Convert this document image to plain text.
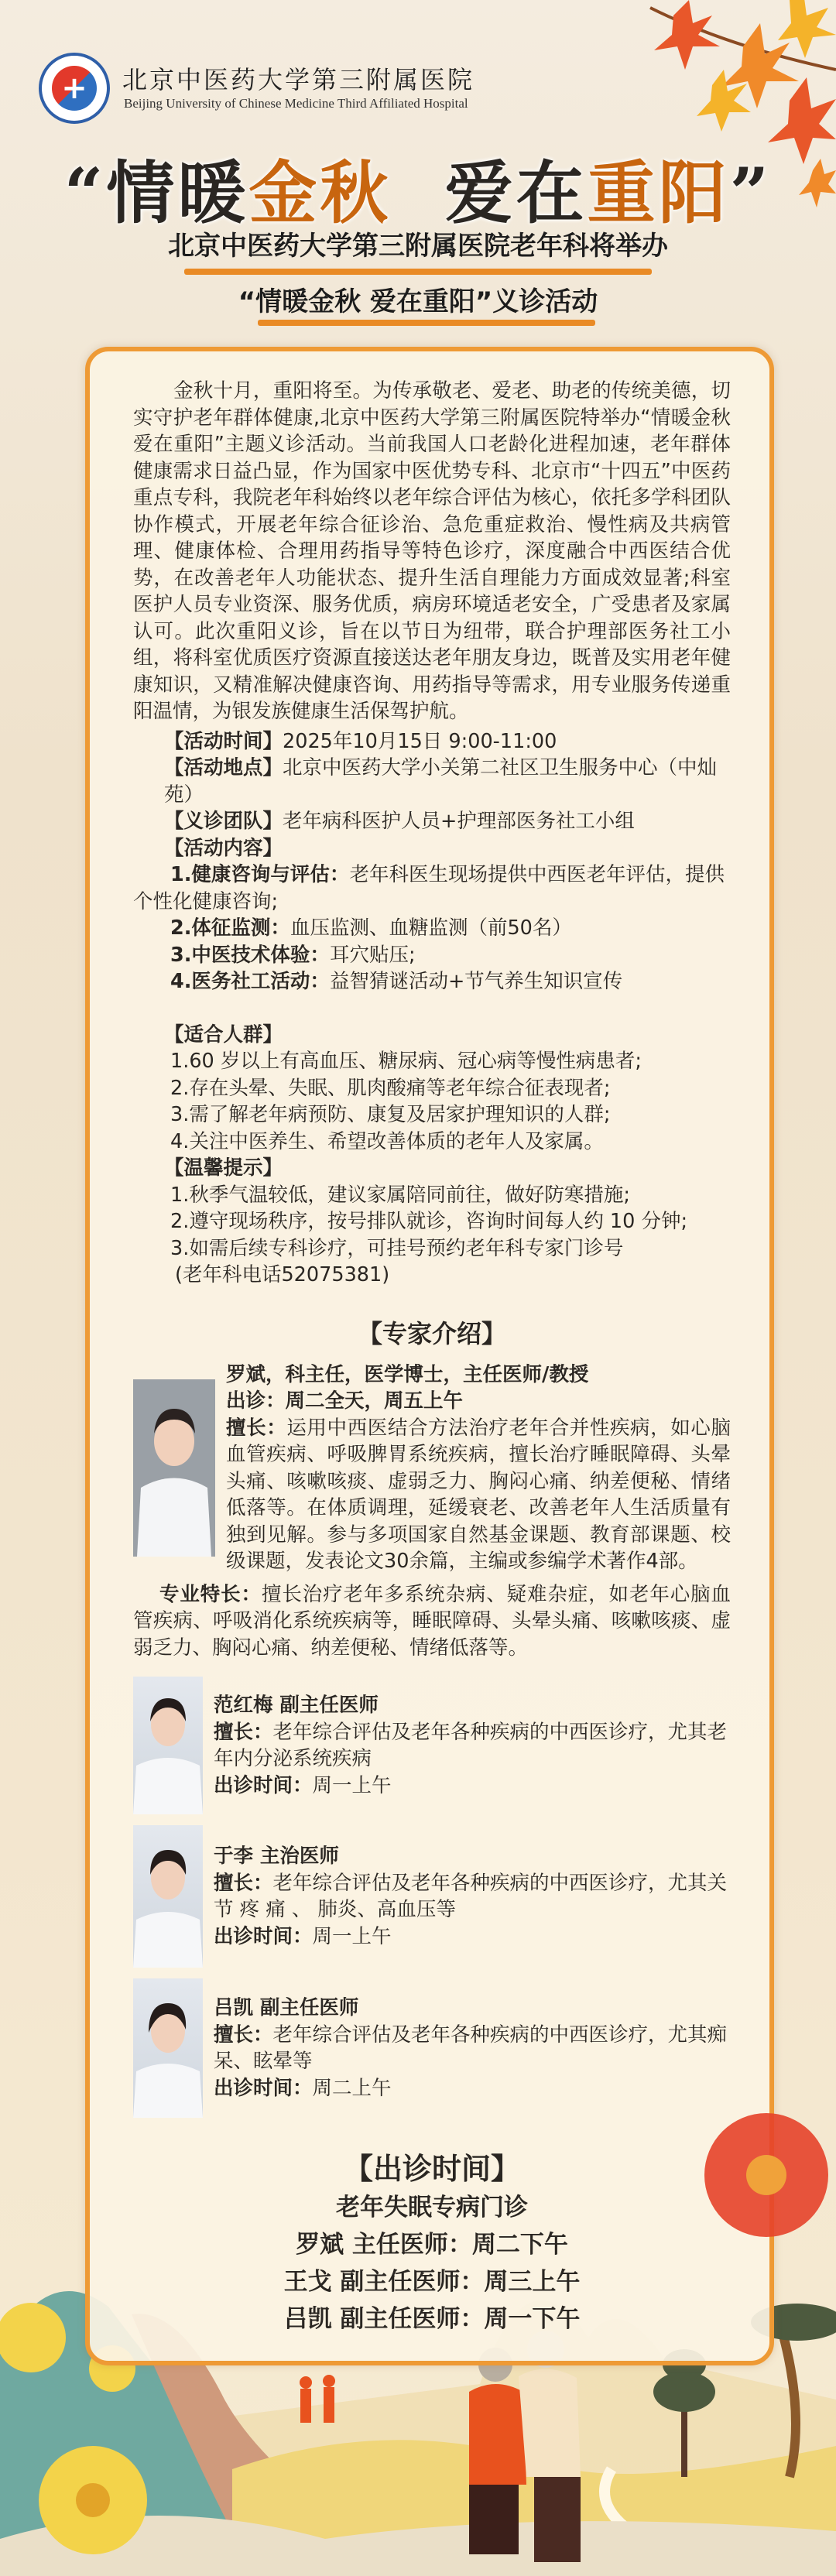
+	北京中医药大学第三附属医院
Beijing University of Chinese Medicine Third Affiliated Hospital
“情暖金秋 爱在重阳”
北京中医药大学第三附属医院老年科将举办
“情暖金秋 爱在重阳”义诊活动
金秋十月，重阳将至。为传承敬老、爱老、助老的传统美德，切实守护老年群体健康,北京中医药大学第三附属医院特举办“情暖金秋 爱在重阳”主题义诊活动。当前我国人口老龄化进程加速，老年群体健康需求日益凸显，作为国家中医优势专科、北京市“十四五”中医药重点专科，我院老年科始终以老年综合评估为核心，依托多学科团队协作模式，开展老年综合征诊治、急危重症救治、慢性病及共病管理、健康体检、合理用药指导等特色诊疗，深度融合中西医结合优势，在改善老年人功能状态、提升生活自理能力方面成效显著;科室医护人员专业资深、服务优质，病房环境适老安全，广受患者及家属认可。此次重阳义诊，旨在以节日为纽带，联合护理部医务社工小组，将科室优质医疗资源直接送达老年朋友身边，既普及实用老年健康知识，又精准解决健康咨询、用药指导等需求，用专业服务传递重阳温情，为银发族健康生活保驾护航。
【活动时间】2025年10月15日 9:00-11:00
【活动地点】北京中医药大学小关第二社区卫生服务中心（中灿苑）
【义诊团队】老年病科医护人员+护理部医务社工小组
【活动内容】
1.健康咨询与评估：老年科医生现场提供中西医老年评估，提供个性化健康咨询;
2.体征监测：血压监测、血糖监测（前50名）
3.中医技术体验：耳穴贴压;
4.医务社工活动：益智猜谜活动+节气养生知识宣传
【适合人群】
1.60 岁以上有高血压、糖尿病、冠心病等慢性病患者;
2.存在头晕、失眠、肌肉酸痛等老年综合征表现者;
3.需了解老年病预防、康复及居家护理知识的人群;
4.关注中医养生、希望改善体质的老年人及家属。
【温馨提示】
1.秋季气温较低，建议家属陪同前往，做好防寒措施;
2.遵守现场秩序，按号排队就诊，咨询时间每人约 10 分钟;
3.如需后续专科诊疗，可挂号预约老年科专家门诊号
(老年科电话52075381)
【专家介绍】
罗斌，科主任，医学博士，主任医师/教授
出诊：周二全天，周五上午
擅长：运用中西医结合方法治疗老年合并性疾病，如心脑血管疾病、呼吸脾胃系统疾病，擅长治疗睡眠障碍、头晕头痛、咳嗽咳痰、虚弱乏力、胸闷心痛、纳差便秘、情绪低落等。在体质调理，延缓衰老、改善老年人生活质量有独到见解。参与多项国家自然基金课题、教育部课题、校级课题，发表论文30余篇，主编或参编学术著作4部。
专业特长：擅长治疗老年多系统杂病、疑难杂症，如老年心脑血管疾病、呼吸消化系统疾病等，睡眠障碍、头晕头痛、咳嗽咳痰、虚弱乏力、胸闷心痛、纳差便秘、情绪低落等。
范红梅 副主任医师
擅长：老年综合评估及老年各种疾病的中西医诊疗，尤其老年内分泌系统疾病
出诊时间：周一上午
于李 主治医师
擅长：老年综合评估及老年各种疾病的中西医诊疗，尤其关节 疼 痛 、 肺炎、高血压等
出诊时间：周一上午
吕凯 副主任医师
擅长：老年综合评估及老年各种疾病的中西医诊疗，尤其痴呆、眩晕等
出诊时间：周二上午
【出诊时间】
老年失眠专病门诊
罗斌 主任医师：周二下午
王戈 副主任医师：周三上午
吕凯 副主任医师：周一下午
